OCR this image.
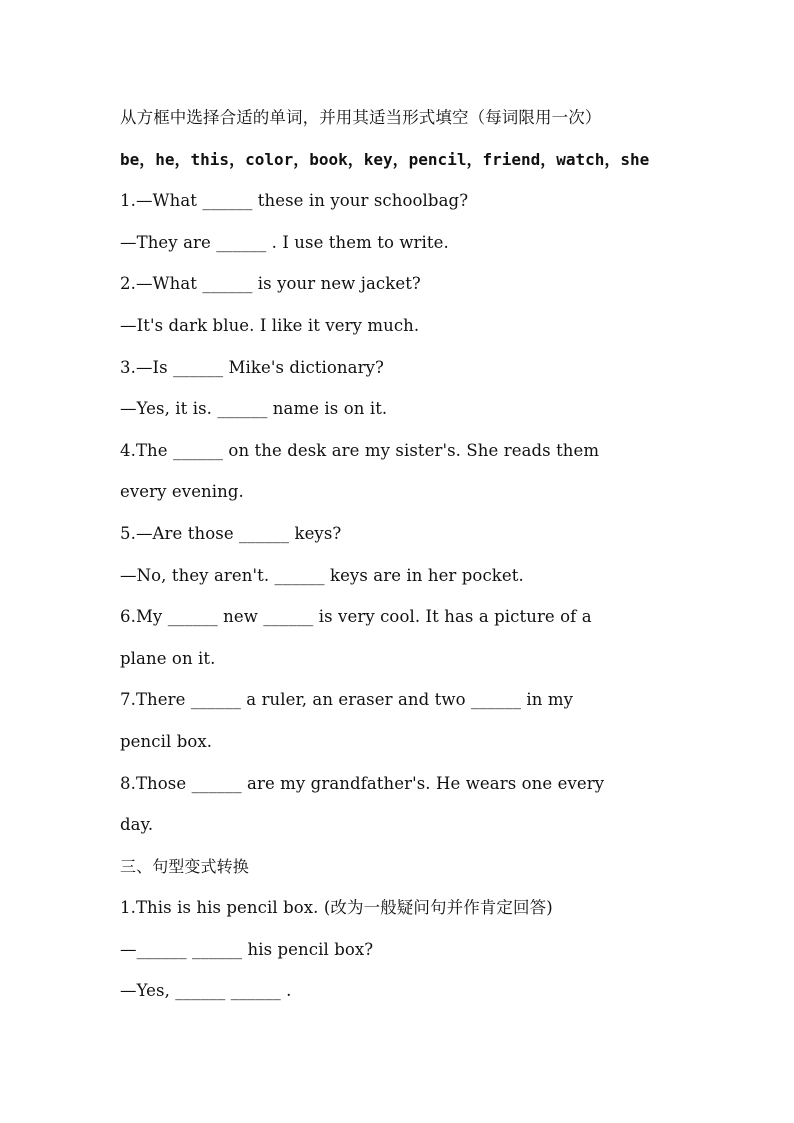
从方框中选择合适的单词，并用其适当形式填空（每词限用一次）
be，he，this，color，book，key，pencil，friend，watch，she
1.—What ______ these in your schoolbag?
—They are ______ . I use them to write.
2.—What ______ is your new jacket?
—It's dark blue. I like it very much.
3.—Is ______ Mike's dictionary?
—Yes, it is. ______ name is on it.
4.The ______ on the desk are my sister's. She reads them
every evening.
5.—Are those ______ keys?
—No, they aren't. ______ keys are in her pocket.
6.My ______ new ______ is very cool. It has a picture of a
plane on it.
7.There ______ a ruler, an eraser and two ______ in my
pencil box.
8.Those ______ are my grandfather's. He wears one every
day.
三、句型变式转换
1.This is his pencil box. (改为一般疑问句并作肯定回答)
—______ ______ his pencil box?
—Yes, ______ ______ .
